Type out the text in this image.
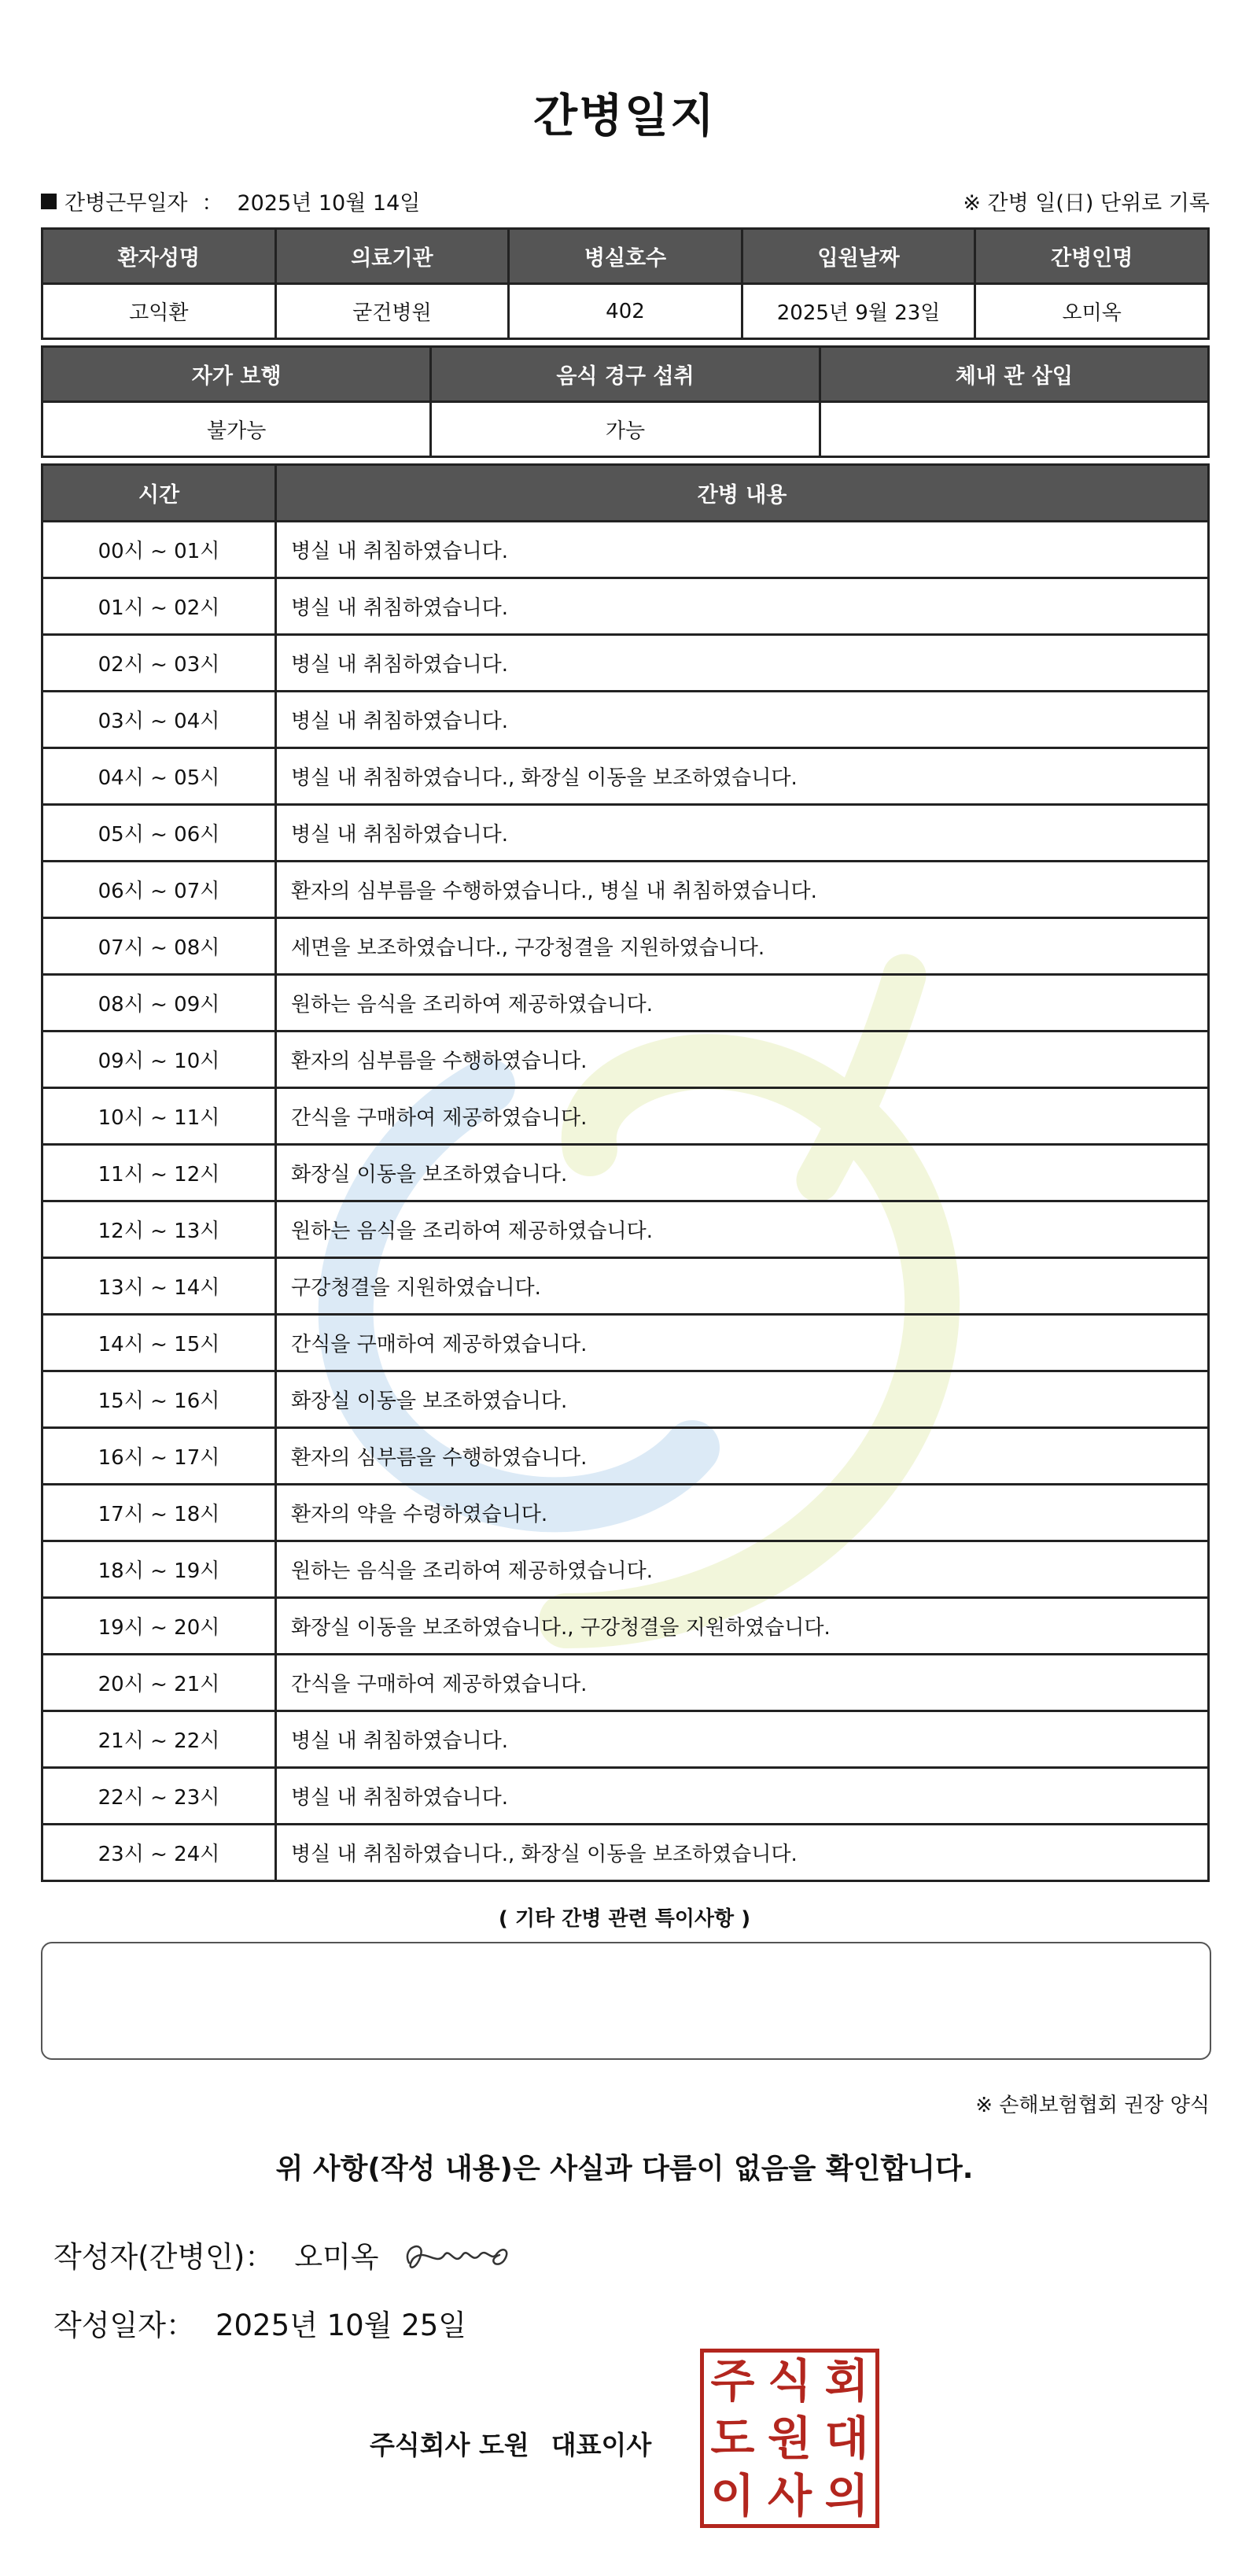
간병일지
간병근무일자 ： 2025년 10월 14일	※ 간병 일(日) 단위로 기록
환자성명	의료기관	병실호수	입원날짜	간병인명
고익환	굳건병원	402	2025년 9월 23일	오미옥
자가 보행	음식 경구 섭취	체내 관 삽입
불가능	가능	
시간	간병 내용
00시 ~ 01시	병실 내 취침하였습니다.
01시 ~ 02시	병실 내 취침하였습니다.
02시 ~ 03시	병실 내 취침하였습니다.
03시 ~ 04시	병실 내 취침하였습니다.
04시 ~ 05시	병실 내 취침하였습니다., 화장실 이동을 보조하였습니다.
05시 ~ 06시	병실 내 취침하였습니다.
06시 ~ 07시	환자의 심부름을 수행하였습니다., 병실 내 취침하였습니다.
07시 ~ 08시	세면을 보조하였습니다., 구강청결을 지원하였습니다.
08시 ~ 09시	원하는 음식을 조리하여 제공하였습니다.
09시 ~ 10시	환자의 심부름을 수행하였습니다.
10시 ~ 11시	간식을 구매하여 제공하였습니다.
11시 ~ 12시	화장실 이동을 보조하였습니다.
12시 ~ 13시	원하는 음식을 조리하여 제공하였습니다.
13시 ~ 14시	구강청결을 지원하였습니다.
14시 ~ 15시	간식을 구매하여 제공하였습니다.
15시 ~ 16시	화장실 이동을 보조하였습니다.
16시 ~ 17시	환자의 심부름을 수행하였습니다.
17시 ~ 18시	환자의 약을 수령하였습니다.
18시 ~ 19시	원하는 음식을 조리하여 제공하였습니다.
19시 ~ 20시	화장실 이동을 보조하였습니다., 구강청결을 지원하였습니다.
20시 ~ 21시	간식을 구매하여 제공하였습니다.
21시 ~ 22시	병실 내 취침하였습니다.
22시 ~ 23시	병실 내 취침하였습니다.
23시 ~ 24시	병실 내 취침하였습니다., 화장실 이동을 보조하였습니다.
( 기타 간병 관련 특이사항 )
※ 손해보험협회 권장 양식
위 사항(작성 내용)은 사실과 다름이 없음을 확인합니다.
작성자(간병인)： 오미옥
작성일자： 2025년 10월 25일
주식회사 도원 대표이사
주 식 회
도 원 대
이 사 의
